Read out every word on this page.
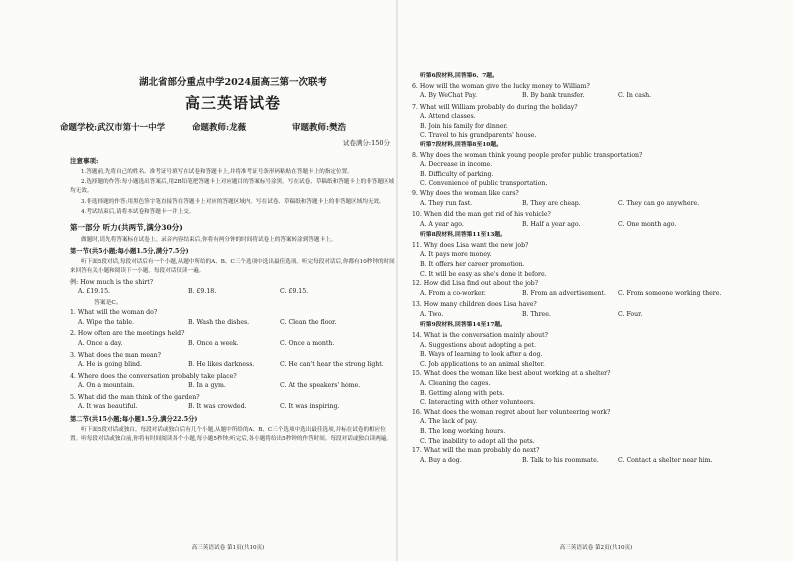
湖北省部分重点中学2024届高三第一次联考
高三英语试卷
命题学校:武汉市第十一中学	命题教师:龙薇	审题教师:樊浩
试卷满分:150分
注意事项:
1.答题前,先将自己的姓名、准考证号填写在试卷和答题卡上,并将准考证号条形码粘贴在答题卡上的指定位置。
2.选择题的作答:每小题选出答案后,用2B铅笔把答题卡上对应题目的答案标号涂黑。写在试卷、草稿纸和答题卡上的非答题区域均无效。
3.非选择题的作答:用黑色签字笔直接答在答题卡上对应的答题区域内。写在试卷、草稿纸和答题卡上的非答题区域均无效。
4.考试结束后,请将本试卷和答题卡一并上交。
第一部分 听力(共两节,满分30分)
做题时,请先将答案标在试卷上。录音内容结束后,你将有两分钟的时间将试卷上的答案转涂到答题卡上。
第一节(共5小题;每小题1.5分,满分7.5分)
听下面5段对话,每段对话后有一个小题,从题中所给的A、B、C三个选项中选出最佳选项。听完每段对话后,你都有10秒钟的时间来回答有关小题和阅读下一小题。每段对话仅读一遍。
例: How much is the shirt?
A. £19.15.	B. £9.18.	C. £9.15.
答案是C。
1. What will the woman do?
A. Wipe the table.	B. Wash the dishes.	C. Clean the floor.
2. How often are the meetings held?
A. Once a day.	B. Once a week.	C. Once a month.
3. What does the man mean?
A. He is going blind.	B. He likes darkness.	C. He can't hear the strong light.
4. Where does the conversation probably take place?
A. On a mountain.	B. In a gym.	C. At the speakers' home.
5. What did the man think of the garden?
A. It was beautiful.	B. It was crowded.	C. It was inspiring.
第二节(共15小题;每小题1.5分,满分22.5分)
听下面5段对话或独白。每段对话或独白后有几个小题,从题中所给的A、B、C三个选项中选出最佳选项,并标在试卷的相应位置。听每段对话或独白前,你将有时间阅读各个小题,每小题5秒钟;听完后,各小题将给出5秒钟的作答时间。每段对话或独白读两遍。
高三英语试卷 第1页(共10页)
听第6段材料,回答第6、7题。
6. How will the woman give the lucky money to William?
A. By WeChat Pay.	B. By bank transfer.	C. In cash.
7. What will William probably do during the holiday?
A. Attend classes.
B. Join his family for dinner.
C. Travel to his grandparents' house.
听第7段材料,回答第8至10题。
8. Why does the woman think young people prefer public transportation?
A. Decrease in income.
B. Difficulty of parking.
C. Convenience of public transportation.
9. Why does the woman like cars?
A. They run fast.	B. They are cheap.	C. They can go anywhere.
10. When did the man get rid of his vehicle?
A. A year ago.	B. Half a year ago.	C. One month ago.
听第8段材料,回答第11至13题。
11. Why does Lisa want the new job?
A. It pays more money.
B. It offers her career promotion.
C. It will be easy as she's done it before.
12. How did Lisa find out about the job?
A. From a co-worker.	B. From an advertisement. C. From someone working there.
13. How many children does Lisa have?
A. Two.	B. Three.	C. Four.
听第9段材料,回答第14至17题。
14. What is the conversation mainly about?
A. Suggestions about adopting a pet.
B. Ways of learning to look after a dog.
C. Job applications to an animal shelter.
15. What does the woman like best about working at a shelter?
A. Cleaning the cages.
B. Getting along with pets.
C. Interacting with other volunteers.
16. What does the woman regret about her volunteering work?
A. The lack of pay.
B. The long working hours.
C. The inability to adopt all the pets.
17. What will the man probably do next?
A. Buy a dog.	B. Talk to his roommate.	C. Contact a shelter near him.
高三英语试卷 第2页(共10页)
